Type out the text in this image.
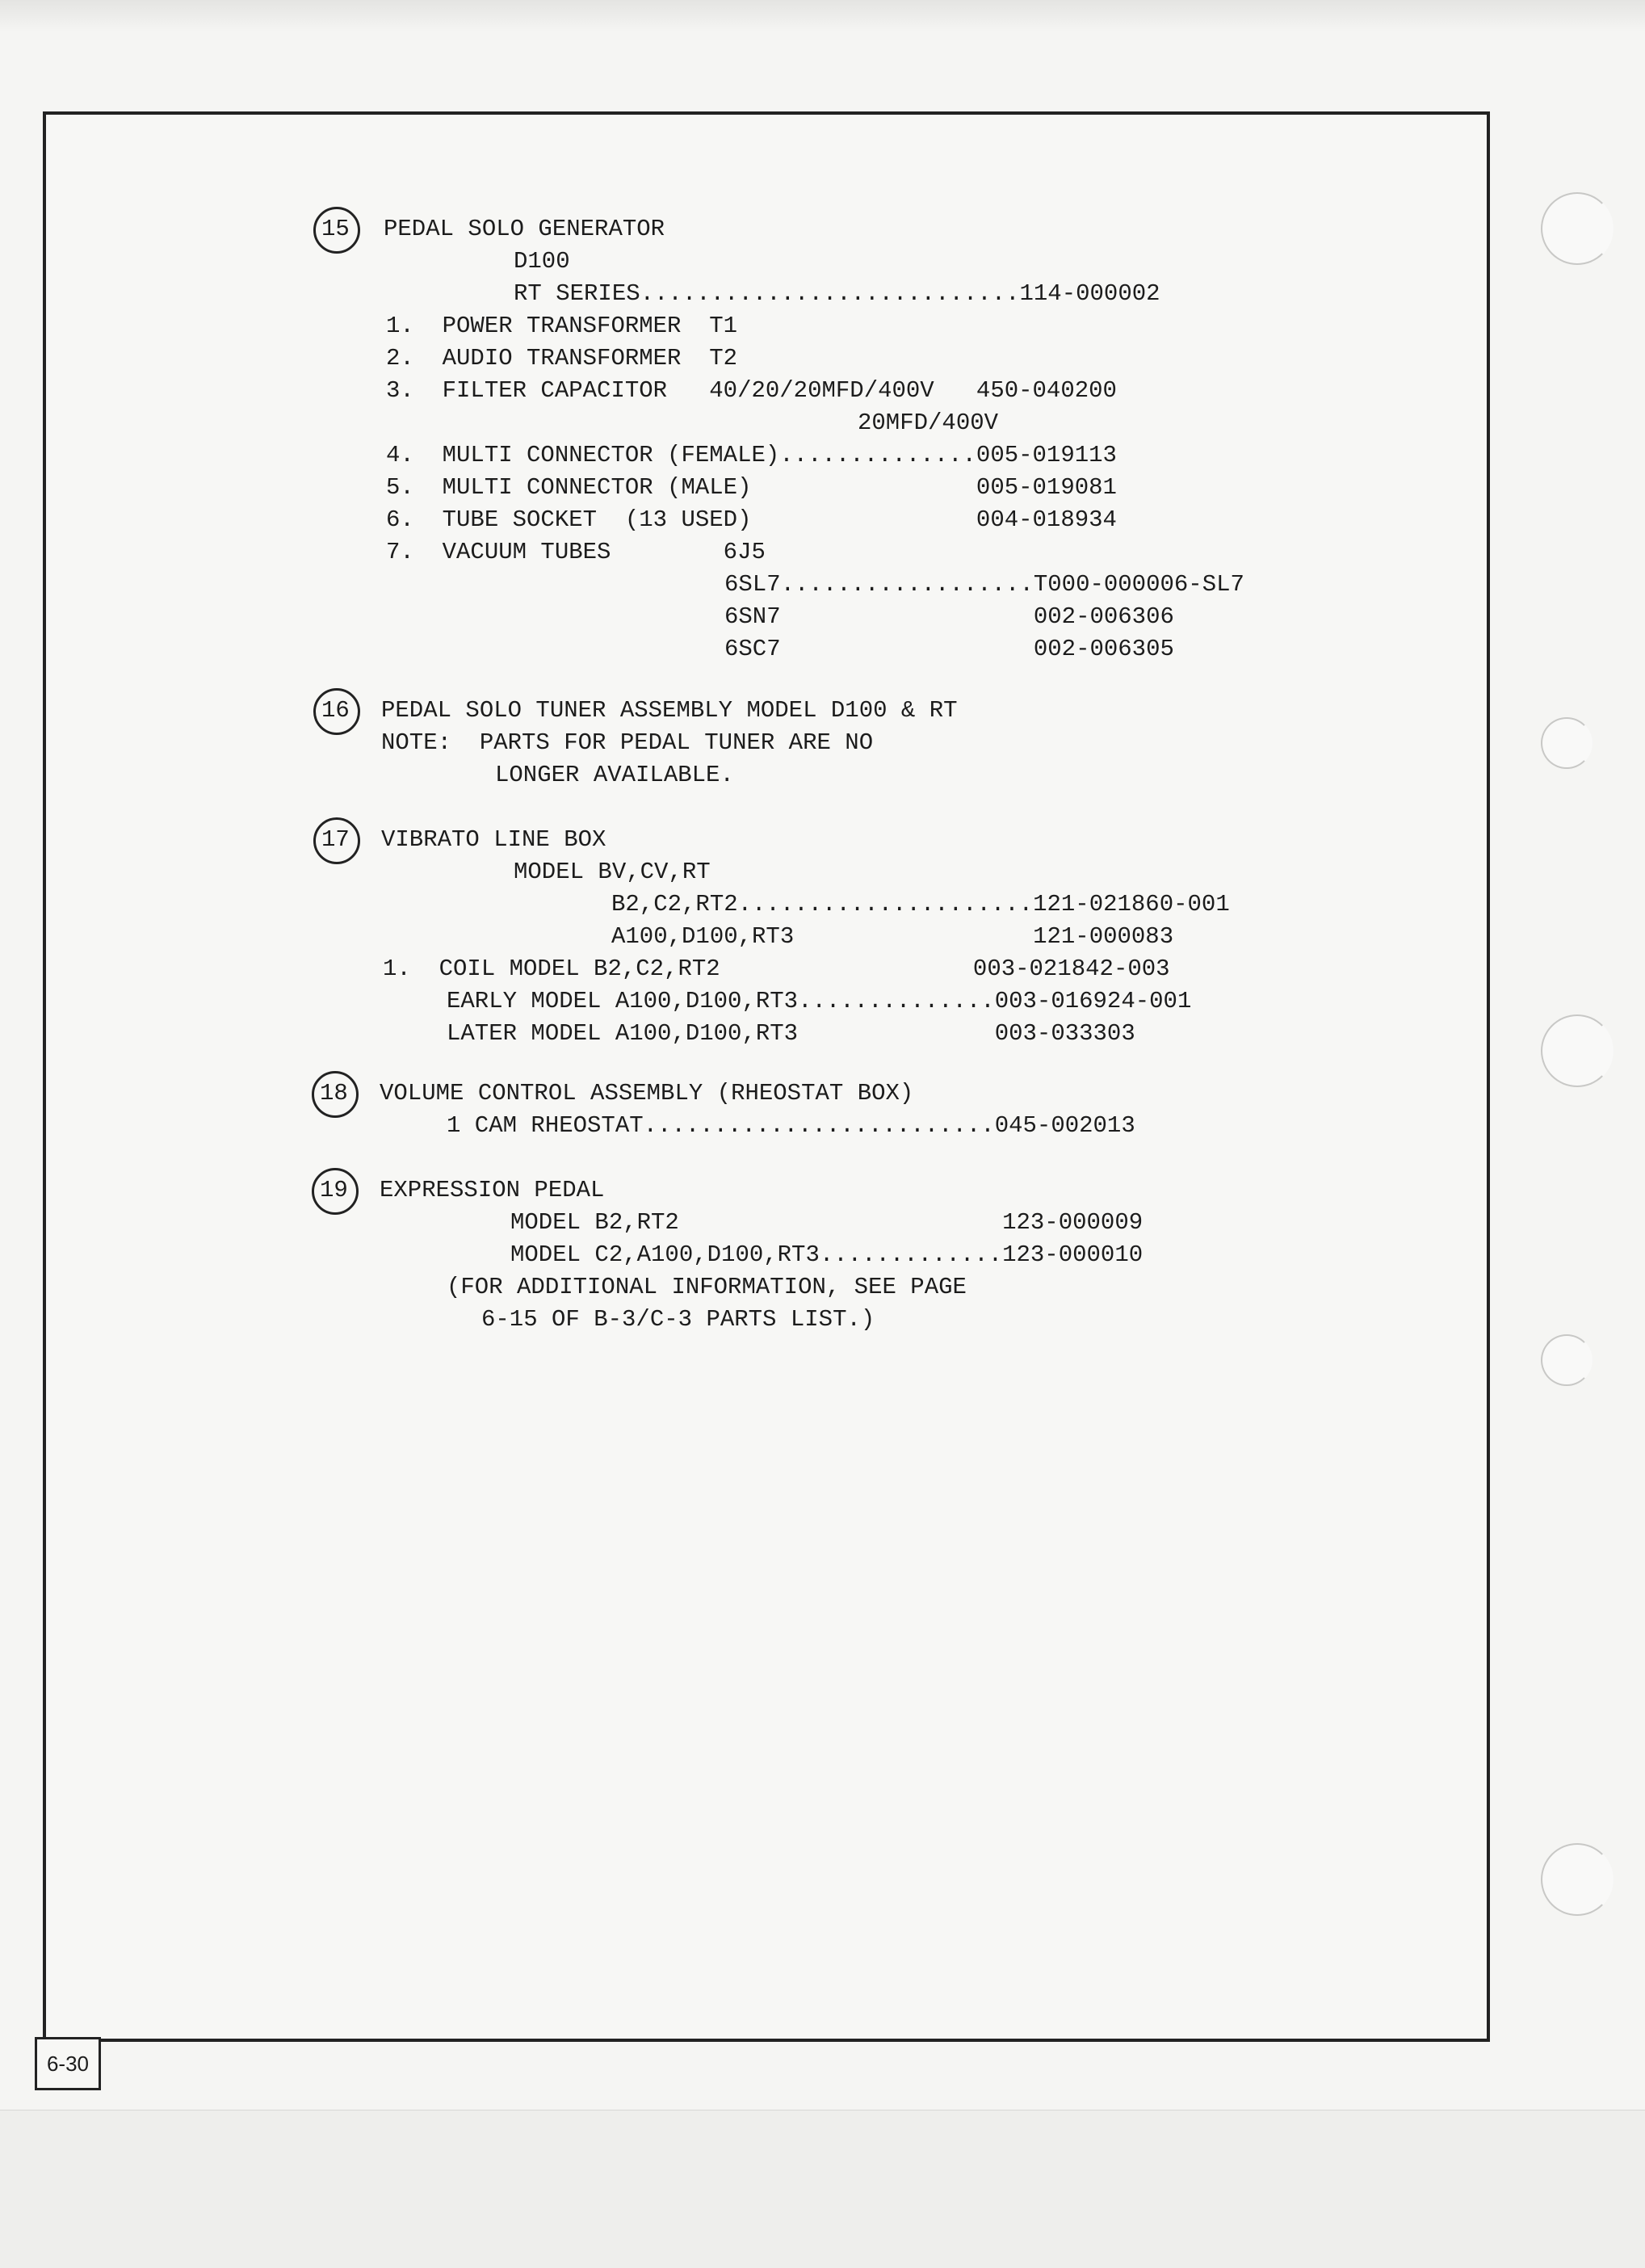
15 PEDAL SOLO GENERATOR
D100
RT SERIES...........................114-000002
1.  POWER TRANSFORMER  T1
2.  AUDIO TRANSFORMER  T2
3.  FILTER CAPACITOR   40/20/20MFD/400V   450-040200
20MFD/400V
4.  MULTI CONNECTOR (FEMALE)..............005-019113
5.  MULTI CONNECTOR (MALE)                005-019081
6.  TUBE SOCKET  (13 USED)                004-018934
7.  VACUUM TUBES        6J5
6SL7..................T000-000006-SL7
6SN7                  002-006306
6SC7                  002-006305
16 PEDAL SOLO TUNER ASSEMBLY MODEL D100 & RT
NOTE:  PARTS FOR PEDAL TUNER ARE NO
LONGER AVAILABLE.
17 VIBRATO LINE BOX
MODEL BV,CV,RT
B2,C2,RT2.....................121-021860-001
A100,D100,RT3                 121-000083
1.  COIL MODEL B2,C2,RT2                  003-021842-003
EARLY MODEL A100,D100,RT3..............003-016924-001
LATER MODEL A100,D100,RT3              003-033303
18 VOLUME CONTROL ASSEMBLY (RHEOSTAT BOX)
1 CAM RHEOSTAT.........................045-002013
19 EXPRESSION PEDAL
MODEL B2,RT2                       123-000009
MODEL C2,A100,D100,RT3.............123-000010
(FOR ADDITIONAL INFORMATION, SEE PAGE
6-15 OF B-3/C-3 PARTS LIST.)
6-30
